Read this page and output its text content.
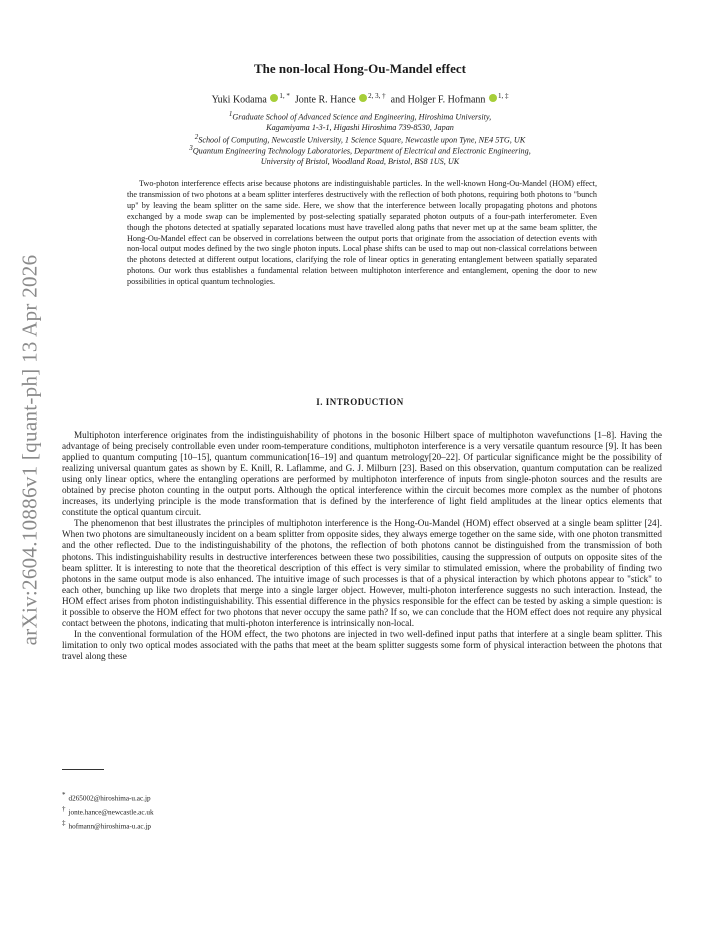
arXiv:2604.10886v1 [quant-ph] 13 Apr 2026
The non-local Hong-Ou-Mandel effect
Yuki Kodama $^{1, *}$ Jonte R. Hance $^{2, 3, \dagger}$ and Holger F. Hofmann $^{1, \ddagger}$
$^1$Graduate School of Advanced Science and Engineering, Hiroshima University,
Kagamiyama 1-3-1, Higashi Hiroshima 739-8530, Japan
$^2$School of Computing, Newcastle University, 1 Science Square, Newcastle upon Tyne, NE4 5TG, UK
$^3$Quantum Engineering Technology Laboratories, Department of Electrical and Electronic Engineering,
University of Bristol, Woodland Road, Bristol, BS8 1US, UK
Two-photon interference effects arise because photons are indistinguishable particles. In the well-known Hong-Ou-Mandel (HOM) effect, the transmission of two photons at a beam splitter interferes destructively with the reflection of both photons, requiring both photons to "bunch up" by leaving the beam splitter on the same side. Here, we show that the interference between locally propagating photons and photons exchanged by a mode swap can be implemented by post-selecting spatially separated photon outputs of a four-path interferometer. Even though the photons detected at spatially separated locations must have travelled along paths that never met up at the same beam splitter, the Hong-Ou-Mandel effect can be observed in correlations between the output ports that originate from the association of detection events with non-local output modes defined by the two single photon inputs. Local phase shifts can be used to map out non-classical correlations between the photons detected at different output locations, clarifying the role of linear optics in generating entanglement between spatially separated photons. Our work thus establishes a fundamental relation between multiphoton interference and entanglement, opening the door to new possibilities in optical quantum technologies.
I. INTRODUCTION

Multiphoton interference originates from the indistinguishability of photons in the bosonic Hilbert space of multiphoton wavefunctions [1–8]. Having the advantage of being precisely controllable even under room-temperature conditions, multiphoton interference is a very versatile quantum resource [9]. It has been applied to quantum computing [10–15], quantum communication[16–19] and quantum metrology[20–22]. Of particular significance might be the possibility of realizing universal quantum gates as shown by E. Knill, R. Laflamme, and G. J. Milburn [23]. Based on this observation, quantum computation can be realized using only linear optics, where the entangling operations are performed by multiphoton interference of inputs from single-photon sources and the results are obtained by precise photon counting in the output ports. Although the optical interference within the circuit becomes more complex as the number of photons increases, its underlying principle is the mode transformation that is defined by the interference of light field amplitudes at the linear optics elements that constitute the optical quantum circuit.

The phenomenon that best illustrates the principles of multiphoton interference is the Hong-Ou-Mandel (HOM) effect observed at a single beam splitter [24]. When two photons are simultaneously incident on a beam splitter from opposite sides, they always emerge together on the same side, with one photon transmitted and the other reflected. Due to the indistinguishability of the photons, the reflection of both photons cannot be distinguished from the transmission of both photons. This indistinguishability results in destructive interferences between these two possibilities, causing the suppression of outputs on opposite sites of the beam splitter. It is interesting to note that the theoretical description of this effect is very similar to stimulated emission, where the probability of finding two photons in the same output mode is also enhanced. The intuitive image of such processes is that of a physical interaction by which photons appear to "stick" to each other, bunching up like two droplets that merge into a single larger object. However, multi-photon interference suggests no such interaction. Instead, the HOM effect arises from photon indistinguishability. This essential difference in the physics responsible for the effect can be tested by asking a simple question: is it possible to observe the HOM effect for two photons that never occupy the same path? If so, we can conclude that the HOM effect does not require any physical contact between the photons, indicating that multi-photon interference is intrinsically non-local.

In the conventional formulation of the HOM effect, the two photons are injected in two well-defined input paths that interfere at a single beam splitter. This limitation to only two optical modes associated with the paths that meet at the beam splitter suggests some form of physical interaction between the photons that travel along these

* d265002@hiroshima-u.ac.jp
† jonte.hance@newcastle.ac.uk
‡ hofmann@hiroshima-u.ac.jp
